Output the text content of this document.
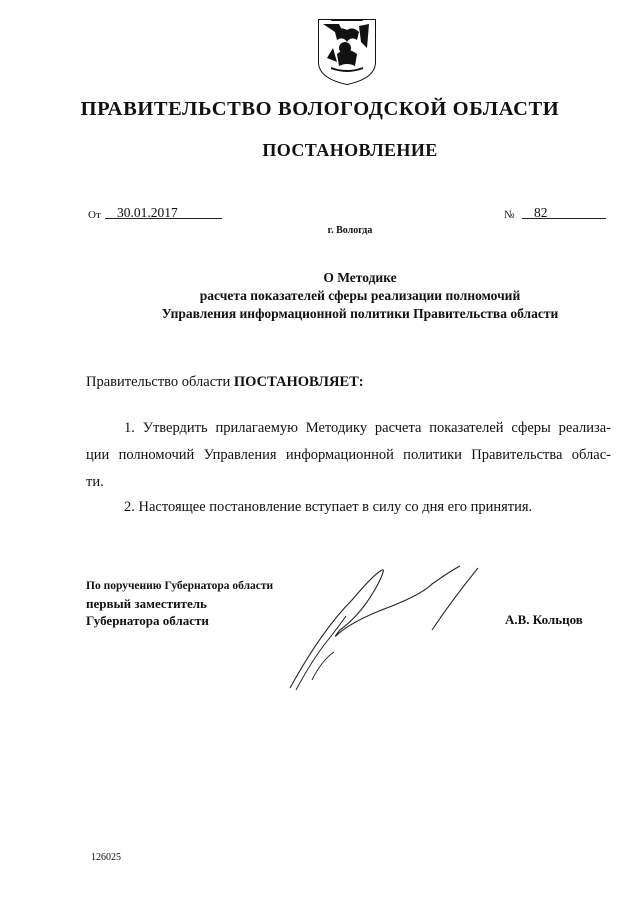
ПРАВИТЕЛЬСТВО ВОЛОГОДСКОЙ ОБЛАСТИ
ПОСТАНОВЛЕНИЕ
От 30.01.2017	№ 82
г. Вологда
О Методике
расчета показателей сферы реализации полномочий
Управления информационной политики Правительства области
Правительство области ПОСТАНОВЛЯЕТ:
1. Утвердить прилагаемую Методику расчета показателей сферы реализа-
ции полномочий Управления информационной политики Правительства облас-
ти.
2. Настоящее постановление вступает в силу со дня его принятия.
По поручению Губернатора области
первый заместитель
Губернатора области	А.В. Кольцов
126025
